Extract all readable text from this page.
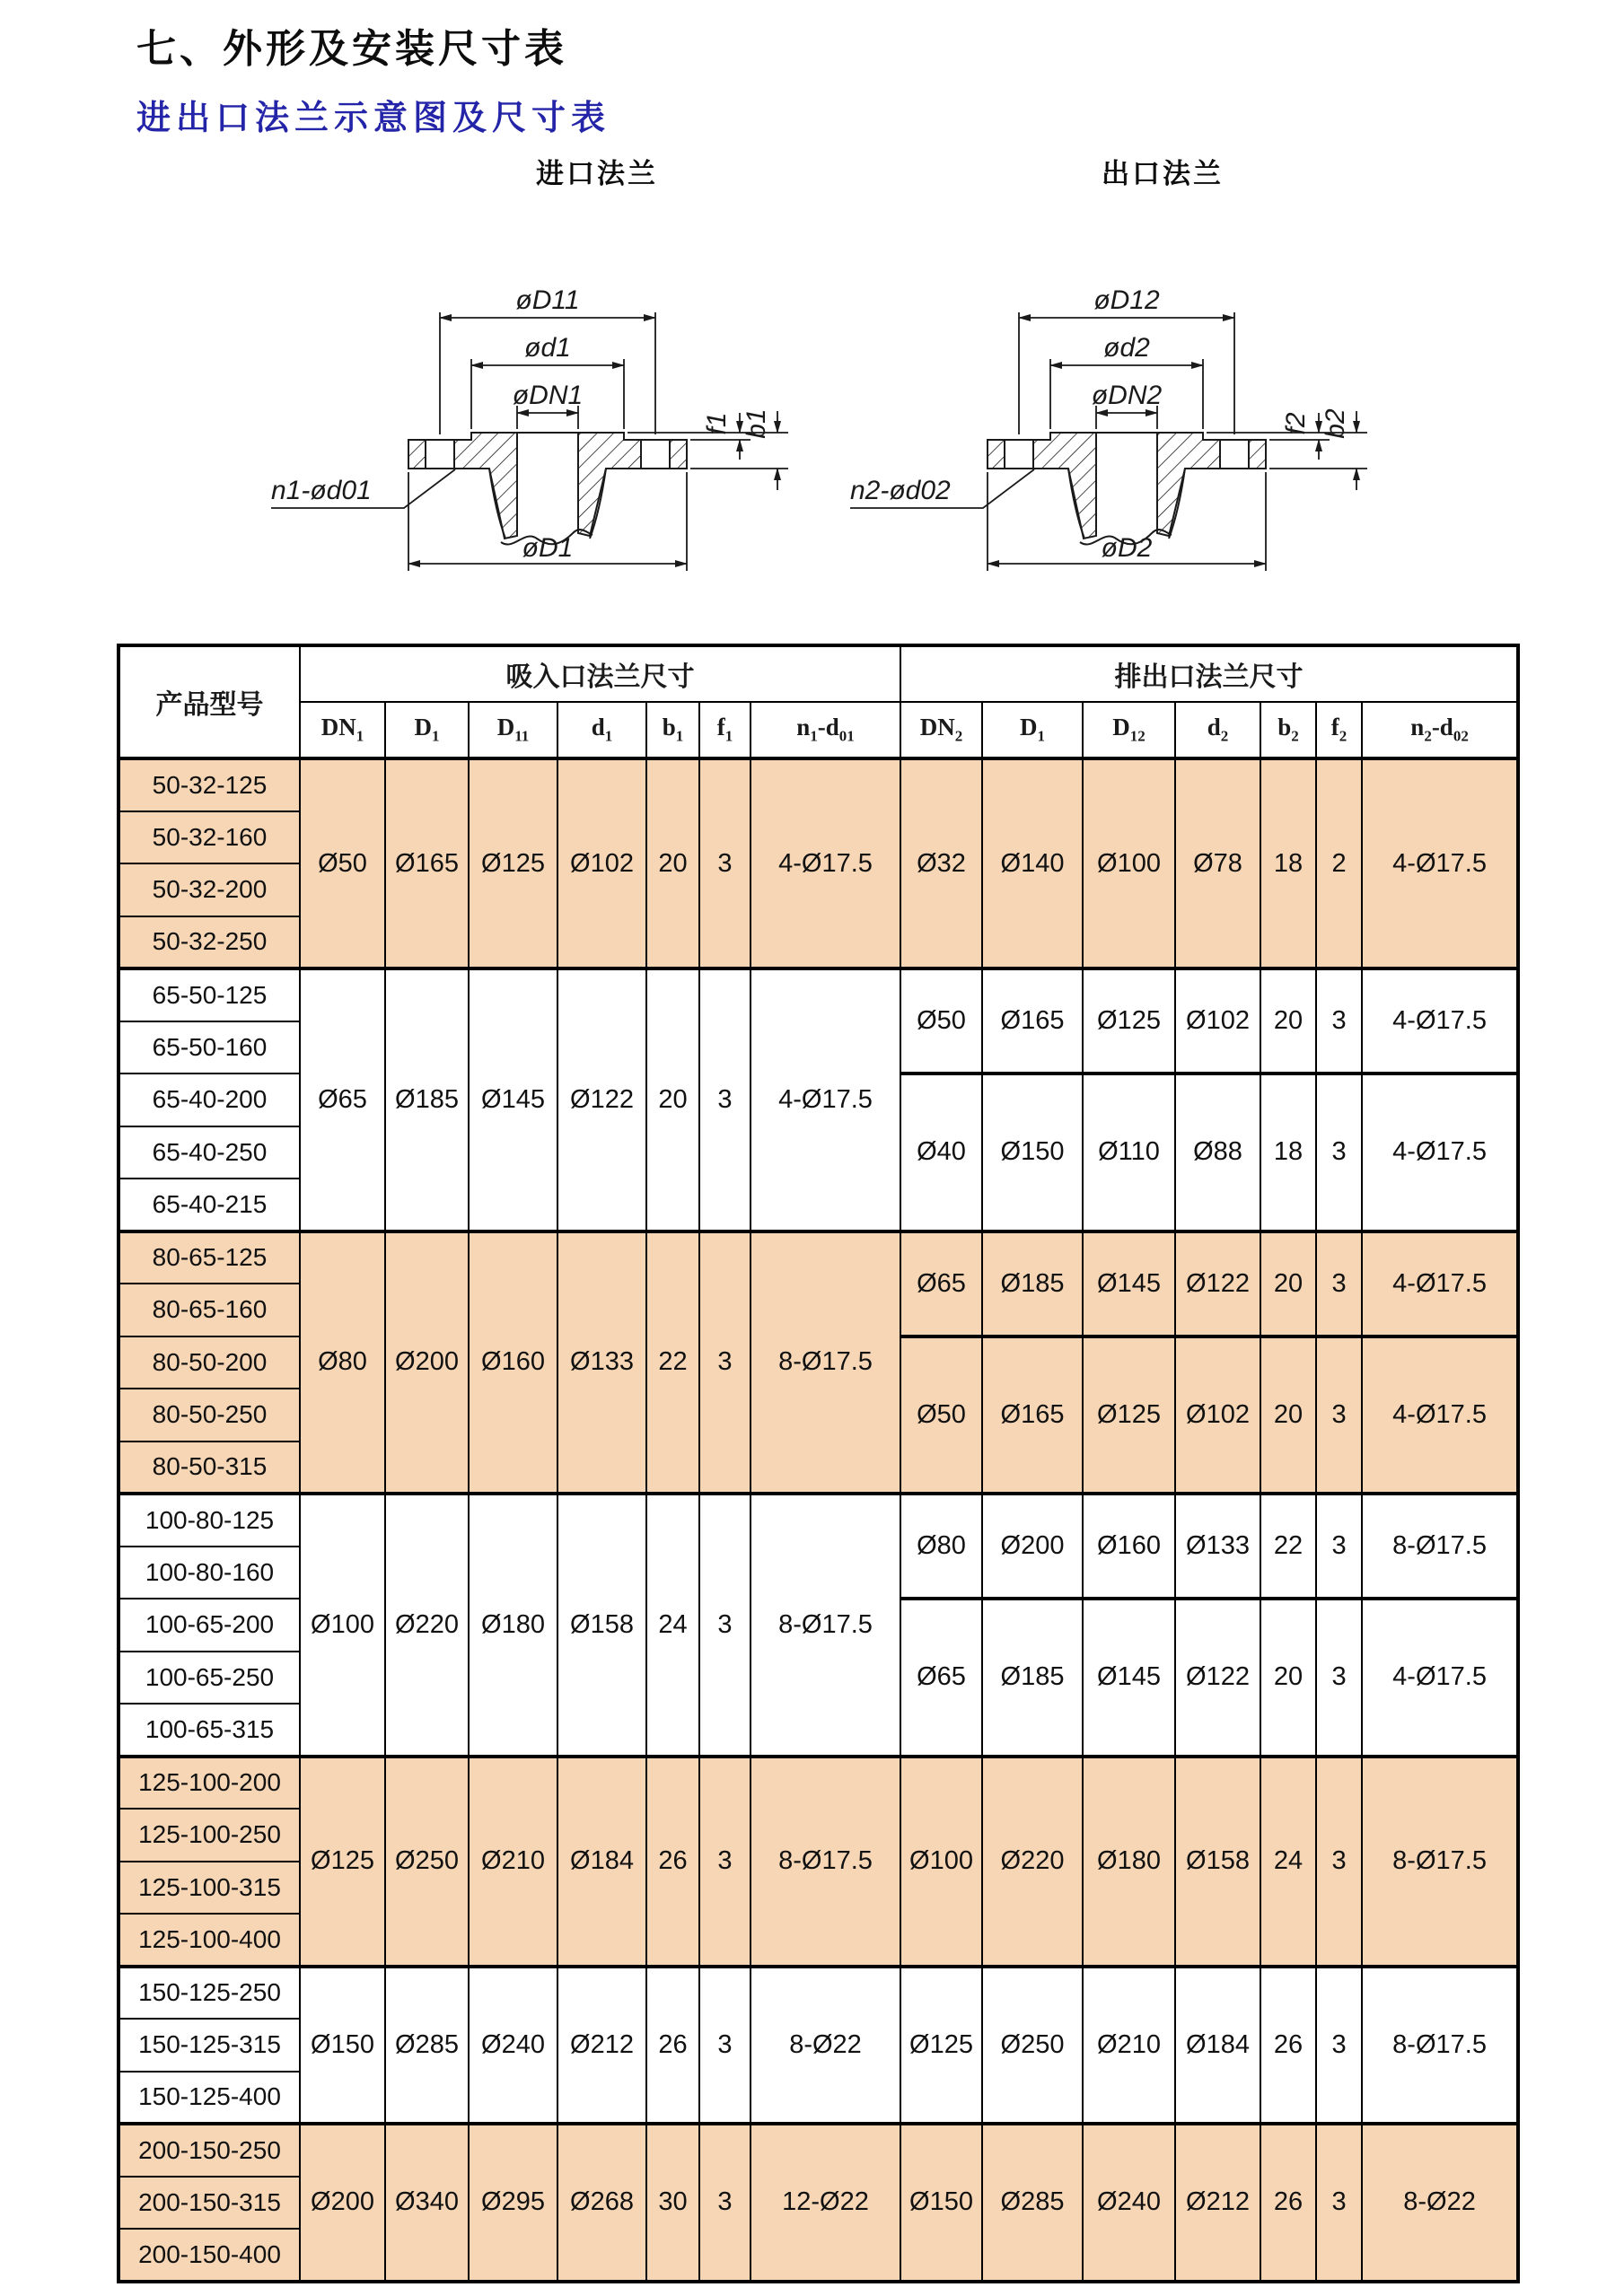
七、外形及安装尺寸表
进出口法兰示意图及尺寸表
进口法兰	出口法兰
øD11
ød1
øDN1
øD1
f1 b1
n1-ød01
øD12
ød2
øDN2
øD2
f2 b2
n2-ød02
产品型号	吸入口法兰尺寸							排出口法兰尺寸						
	$DN_1$	$D_1$	$D_{11}$	$d_1$	$b_1$	$f_1$	$n_1-d_{01}$	$DN_2$	$D_1$	$D_{12}$	$d_2$	$b_2$	$f_2$	$n_2-d_{02}$
50-32-125	Ø50	Ø165	Ø125	Ø102	20	3	4-Ø17.5	Ø32	Ø140	Ø100	Ø78	18	2	4-Ø17.5
50-32-160														
50-32-200														
50-32-250														
65-50-125	Ø65	Ø185	Ø145	Ø122	20	3	4-Ø17.5	Ø50	Ø165	Ø125	Ø102	20	3	4-Ø17.5
65-50-160														
65-40-200								Ø40	Ø150	Ø110	Ø88	18	3	4-Ø17.5
65-40-250														
65-40-215														
80-65-125	Ø80	Ø200	Ø160	Ø133	22	3	8-Ø17.5	Ø65	Ø185	Ø145	Ø122	20	3	4-Ø17.5
80-65-160														
80-50-200								Ø50	Ø165	Ø125	Ø102	20	3	4-Ø17.5
80-50-250														
80-50-315														
100-80-125	Ø100	Ø220	Ø180	Ø158	24	3	8-Ø17.5	Ø80	Ø200	Ø160	Ø133	22	3	8-Ø17.5
100-80-160														
100-65-200								Ø65	Ø185	Ø145	Ø122	20	3	4-Ø17.5
100-65-250														
100-65-315														
125-100-200	Ø125	Ø250	Ø210	Ø184	26	3	8-Ø17.5	Ø100	Ø220	Ø180	Ø158	24	3	8-Ø17.5
125-100-250														
125-100-315														
125-100-400														
150-125-250	Ø150	Ø285	Ø240	Ø212	26	3	8-Ø22	Ø125	Ø250	Ø210	Ø184	26	3	8-Ø17.5
150-125-315														
150-125-400														
200-150-250	Ø200	Ø340	Ø295	Ø268	30	3	12-Ø22	Ø150	Ø285	Ø240	Ø212	26	3	8-Ø22
200-150-315														
200-150-400														
